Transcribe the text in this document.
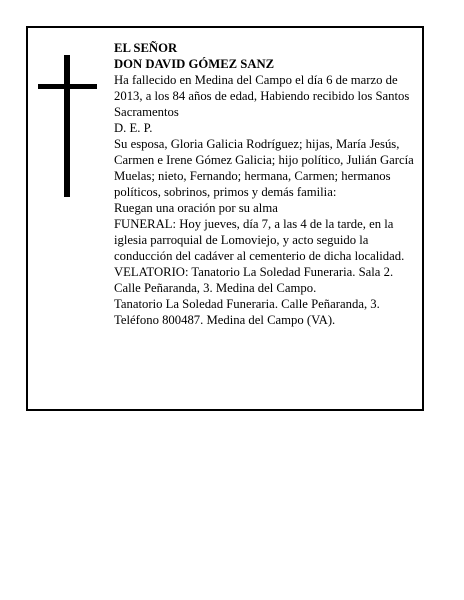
EL SEÑOR

DON DAVID GÓMEZ SANZ

Ha fallecido en Medina del Campo el día 6 de marzo de 2013, a los 84 años de edad, Habiendo recibido los Santos Sacramentos

D. E. P.

Su esposa, Gloria Galicia Rodríguez; hijas, María Jesús, Carmen e Irene Gómez Galicia; hijo político, Julián García Muelas; nieto, Fernando; hermana, Carmen; hermanos políticos, sobrinos, primos y demás familia:

Ruegan una oración por su alma

FUNERAL: Hoy jueves, día 7, a las 4 de la tarde, en la iglesia parroquial de Lomoviejo, y acto seguido la conducción del cadáver al cementerio de dicha localidad.

VELATORIO: Tanatorio La Soledad Funeraria. Sala 2. Calle Peñaranda, 3. Medina del Campo.

Tanatorio La Soledad Funeraria. Calle Peñaranda, 3. Teléfono 800487. Medina del Campo (VA).
